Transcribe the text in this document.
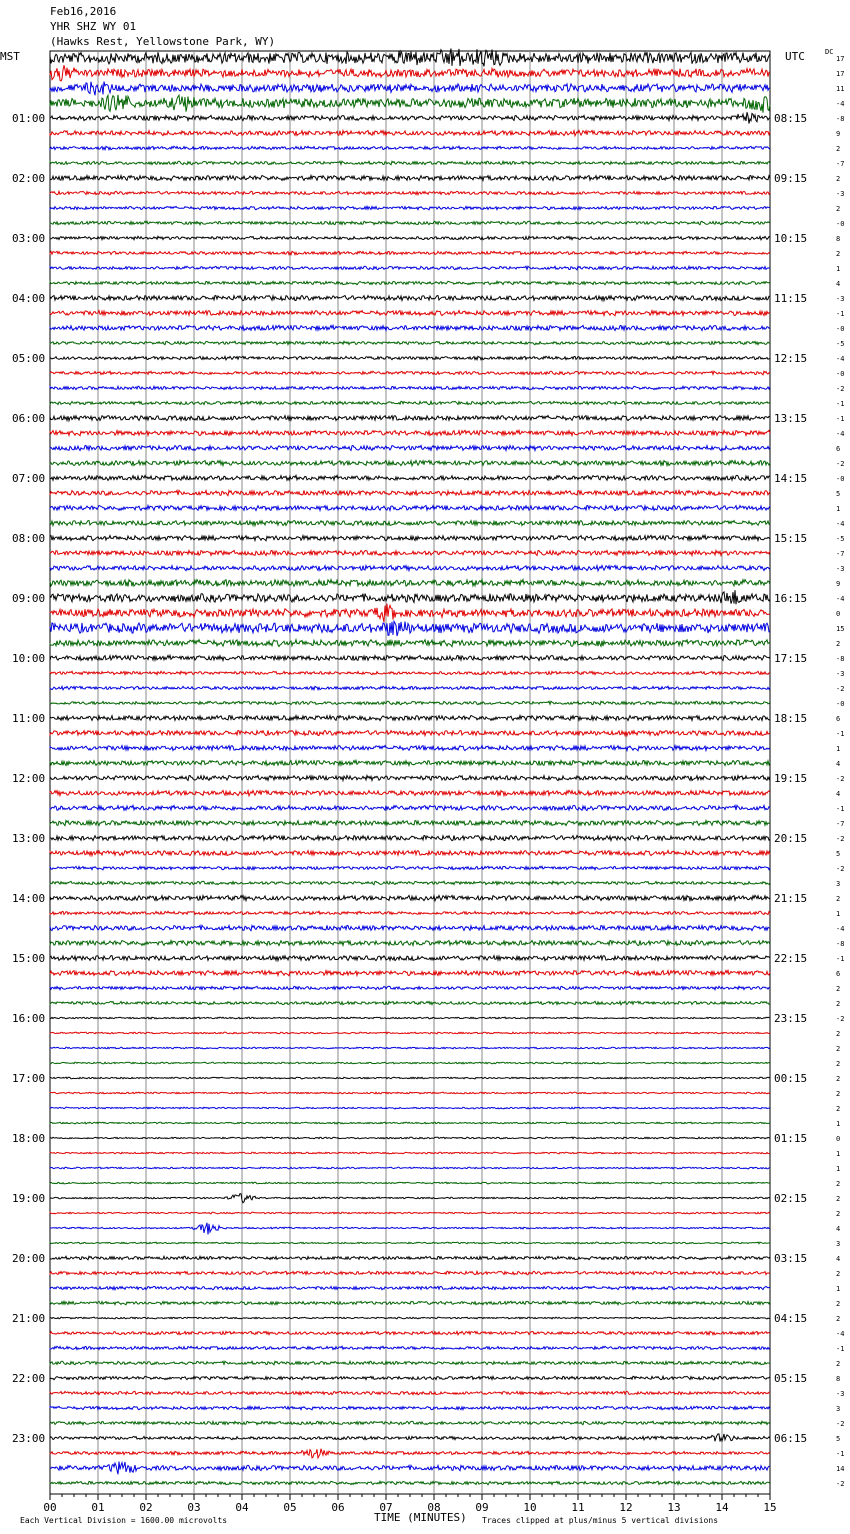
Feb16,2016
YHR SHZ WY 01
(Hawks Rest, Yellowstone Park, WY)
MST	UTC	DC
00	01	02	03	04	05	06	07	08	09	10	11	12	13	14	15
01:00
02:00
03:00
04:00
05:00
06:00
07:00
08:00
09:00
10:00
11:00
12:00
13:00
14:00
15:00
16:00
17:00
18:00
19:00
20:00
21:00
22:00
23:00
08:15
09:15
10:15
11:15
12:15
13:15
14:15
15:15
16:15
17:15
18:15
19:15
20:15
21:15
22:15
23:15
00:15
01:15
02:15
03:15
04:15
05:15
06:15
17
17
11
-4
-8
9
2
-7
2
-3
2
-0
8
2
1
4
-3
-1
-0
-5
-4
-0
-2
-1
-1
-4
6
-2
-0
5
1
-4
-5
-7
-3
9
-4
0
15
2
-8
-3
-2
-0
6
-1
1
4
-2
4
-1
-7
-2
5
-2
3
2
1
-4
-8
-1
6
2
2
-2
2
2
2
2
2
2
1
0
1
1
2
2
2
4
3
4
2
1
2
2
-4
-1
2
8
-3
3
-2
5
-1
14
-2
Each Vertical Division = 1600.00 microvolts	TIME (MINUTES) Traces clipped at plus/minus 5 vertical divisions
